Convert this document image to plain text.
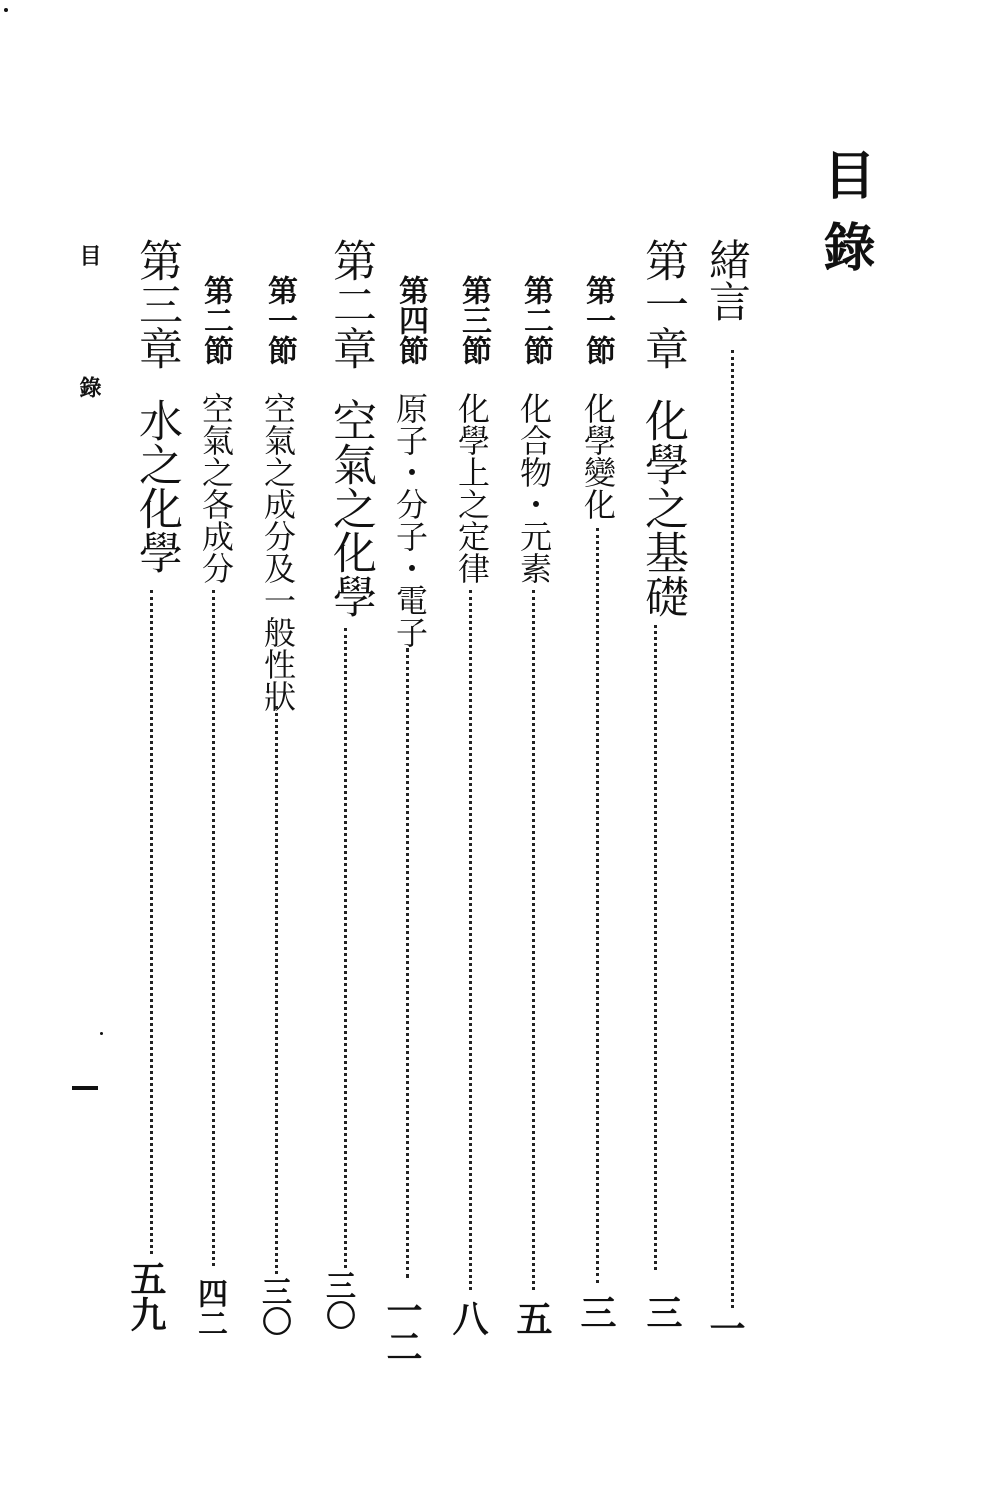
目錄
緒言
一
第一章
化學之基礎
三
第一節
化學變化
三
第二節
化合物・元素
五
第三節
化學上之定律
八
第四節
原子・分子・電子
一二
第二章
空氣之化學
三〇
第一節
空氣之成分及一般性狀
三〇
第二節
空氣之各成分
四二
第三章
水之化學
五九
目　錄
